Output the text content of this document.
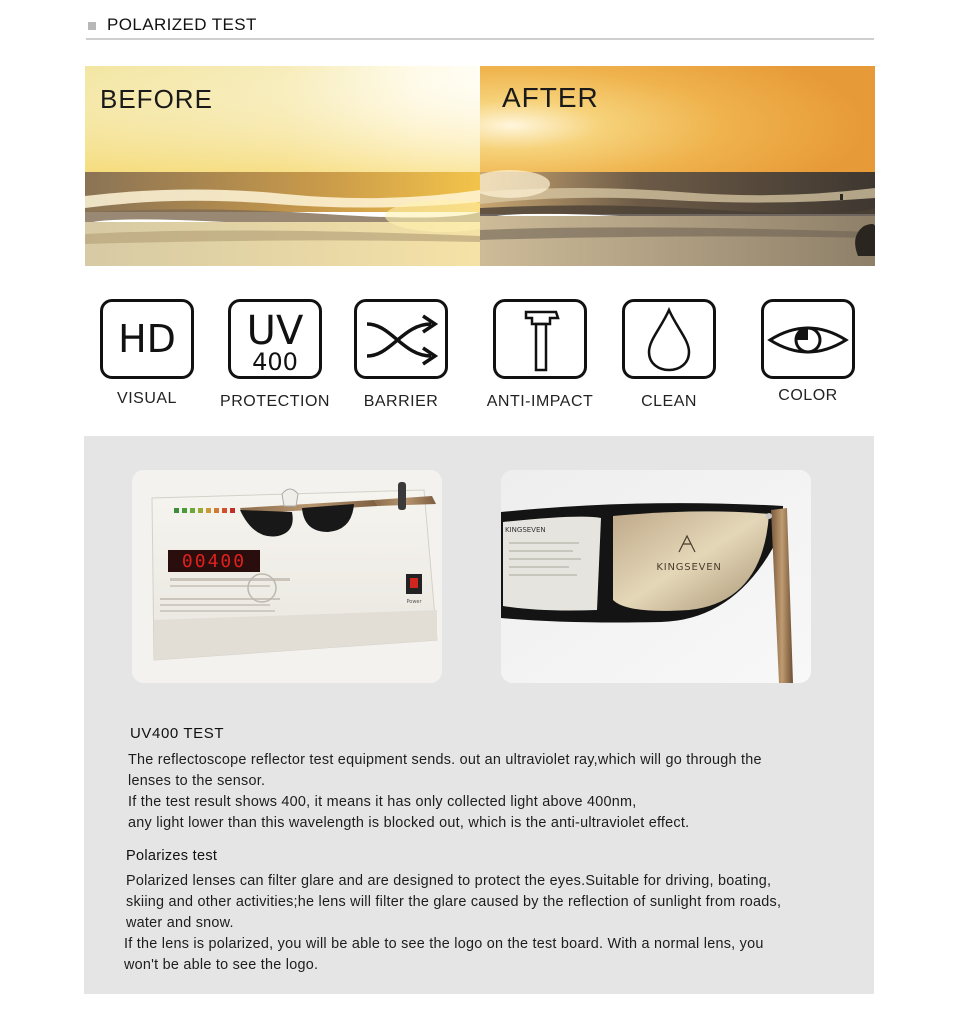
POLARIZED TEST
BEFORE	AFTER
HD
VISUAL
UV
400
PROTECTION	BARRIER	ANTI-IMPACT	CLEAN	COLOR
00400
Power
KINGSEVEN
KINGSEVEN
UV400 TEST

The reflectoscope reflector test equipment sends. out an ultraviolet ray,which will go through the

lenses to the sensor.

If the test result shows 400, it means it has only collected light above 400nm,

any light lower than this wavelength is blocked out, which is the anti-ultraviolet effect.

Polarizes test

Polarized lenses can filter glare and are designed to protect the eyes.Suitable for driving, boating,

skiing and other activities;he lens will filter the glare caused by the reflection of sunlight from roads,

water and snow.

If the lens is polarized, you will be able to see the logo on the test board. With a normal lens, you

won't be able to see the logo.
